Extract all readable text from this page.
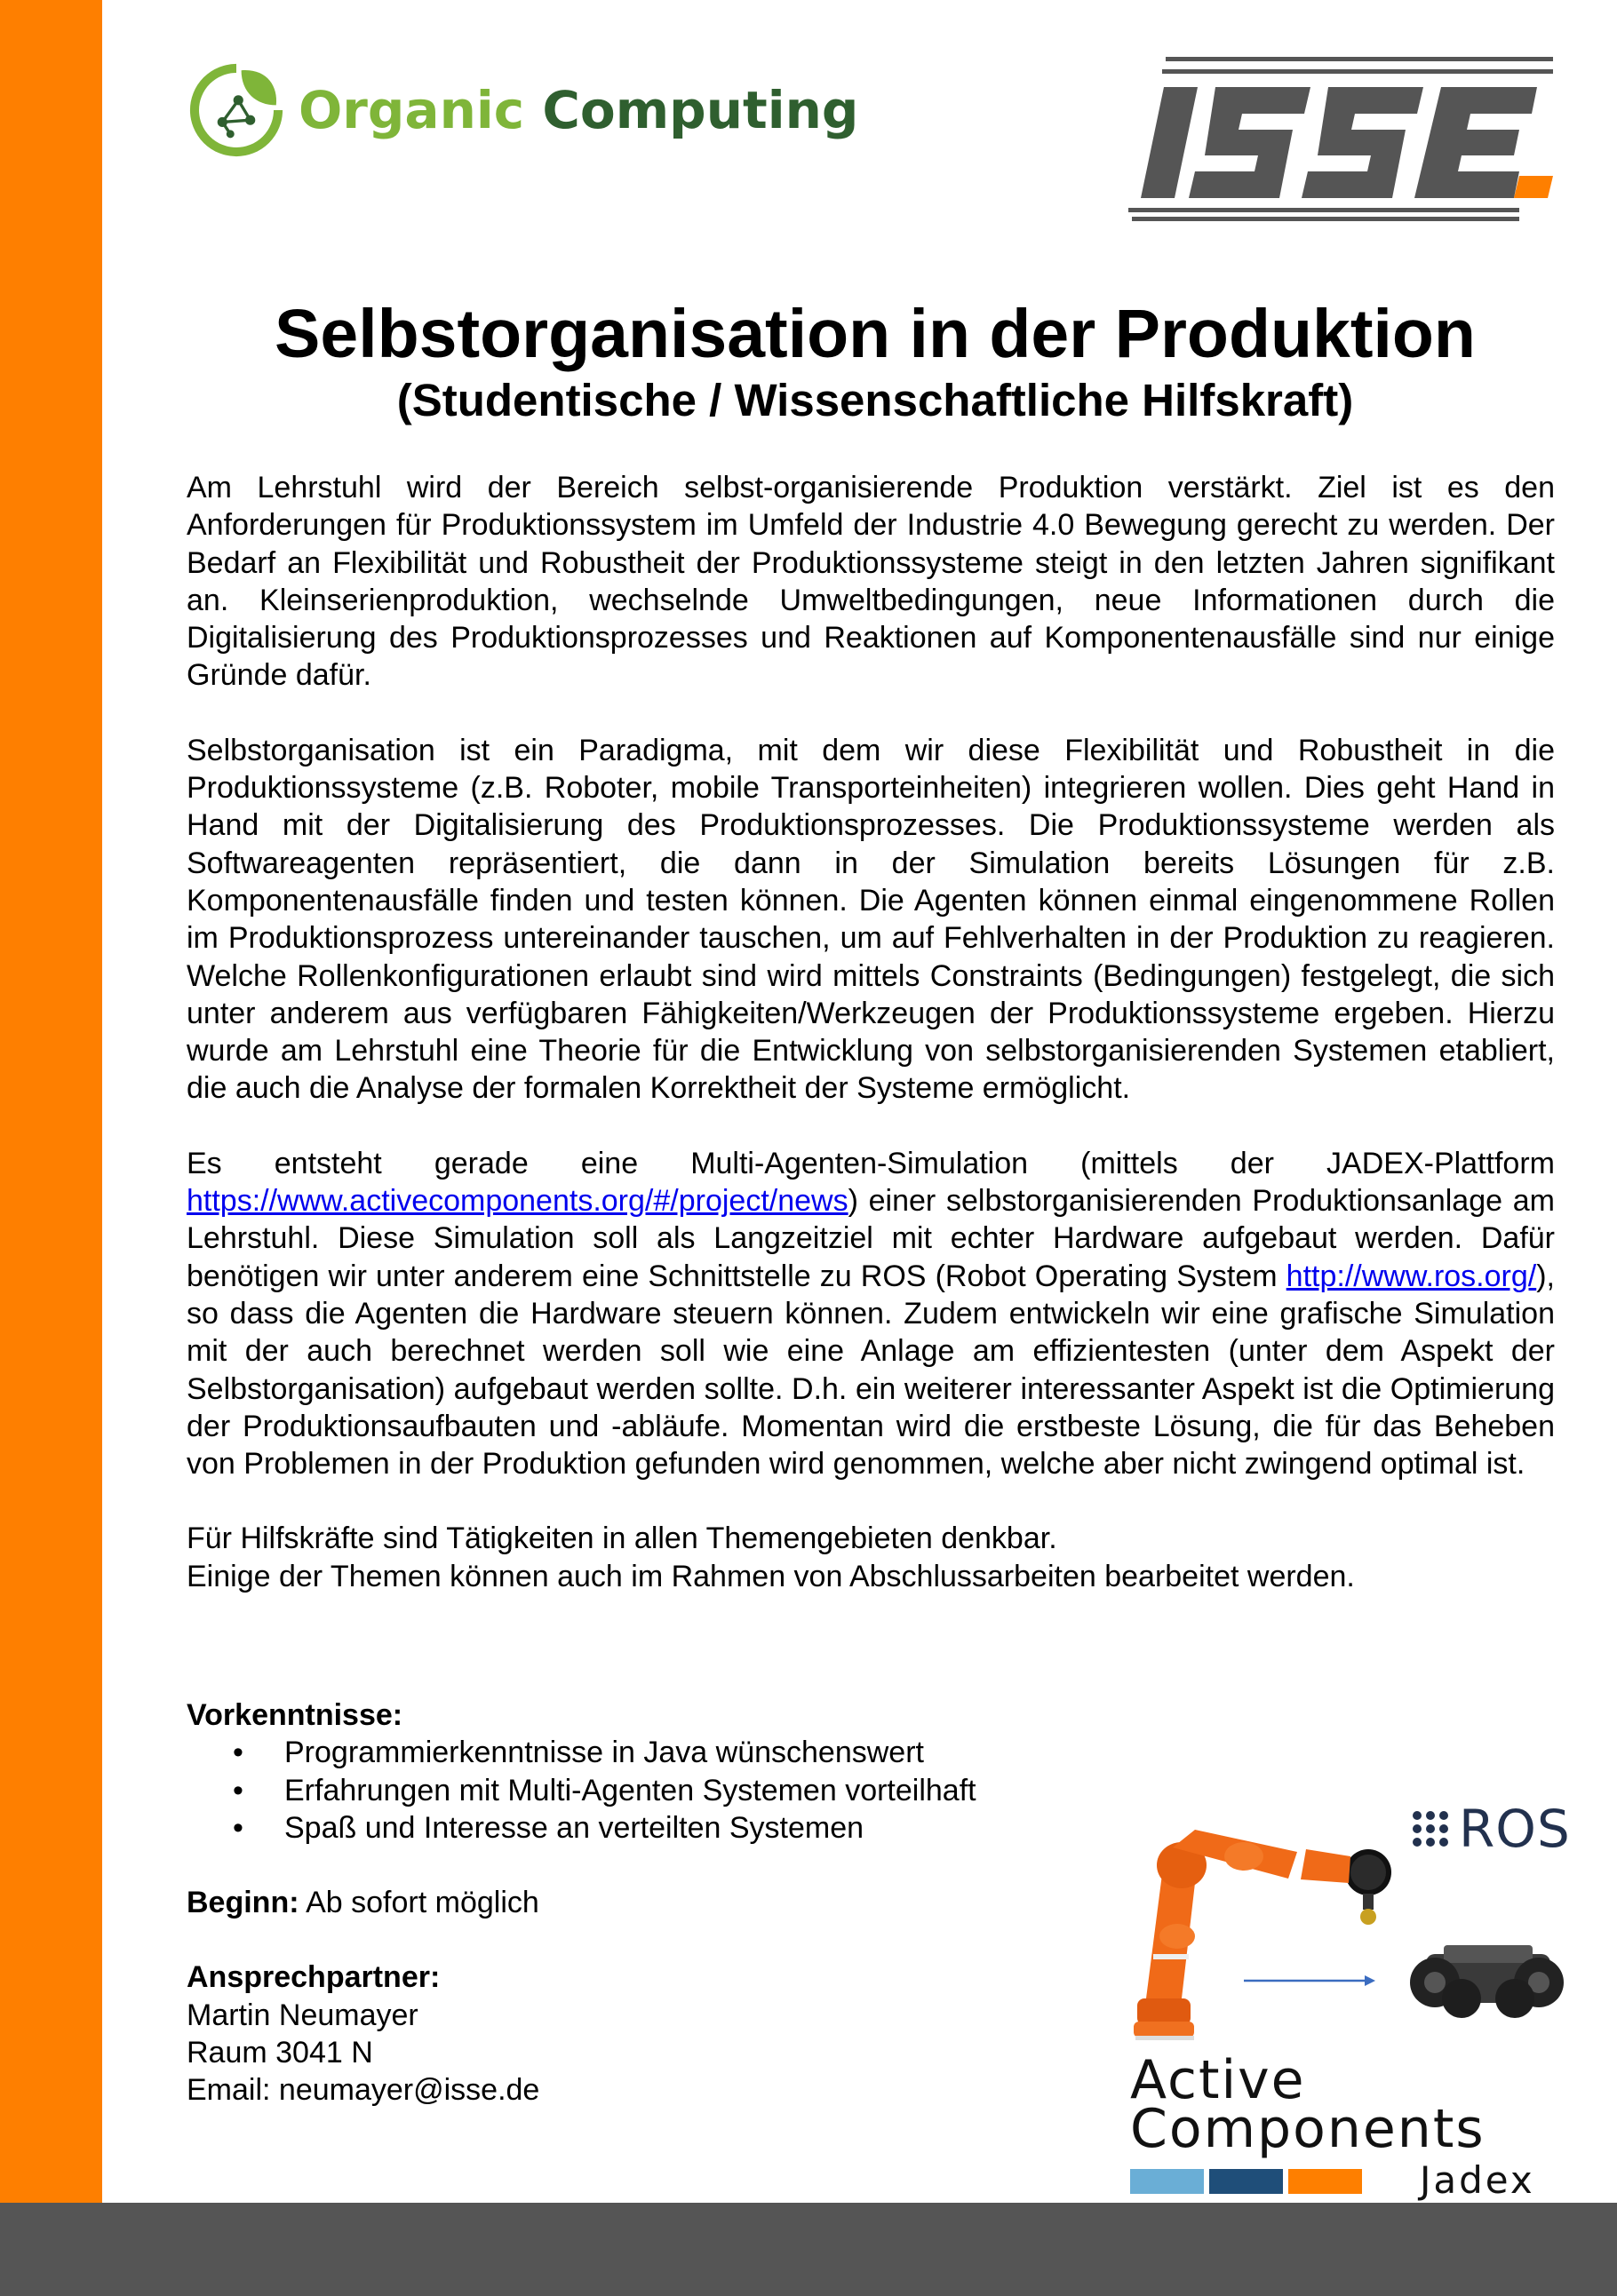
Organic Computing
Selbstorganisation in der Produktion
(Studentische / Wissenschaftliche Hilfskraft)

Am Lehrstuhl wird der Bereich selbst-organisierende Produktion verstärkt. Ziel ist es den Anforderungen für Produktionssystem im Umfeld der Industrie 4.0 Bewegung gerecht zu werden. Der Bedarf an Flexibilität und Robustheit der Produktionssysteme steigt in den letzten Jahren signifikant an. Kleinserienproduktion, wechselnde Umweltbedingungen, neue Informationen durch die Digitalisierung des Produktionsprozesses und Reaktionen auf Komponentenausfälle sind nur einige Gründe dafür.

Selbstorganisation ist ein Paradigma, mit dem wir diese Flexibilität und Robustheit in die Produktionssysteme (z.B. Roboter, mobile Transporteinheiten) integrieren wollen. Dies geht Hand in Hand mit der Digitalisierung des Produktionsprozesses. Die Produktionssysteme werden als Softwareagenten repräsentiert, die dann in der Simulation bereits Lösungen für z.B. Komponentenausfälle finden und testen können. Die Agenten können einmal eingenommene Rollen im Produktionsprozess untereinander tauschen, um auf Fehlverhalten in der Produktion zu reagieren. Welche Rollenkonfigurationen erlaubt sind wird mittels Constraints (Bedingungen) festgelegt, die sich unter anderem aus verfügbaren Fähigkeiten/Werkzeugen der Produktionssysteme ergeben. Hierzu wurde am Lehrstuhl eine Theorie für die Entwicklung von selbstorganisierenden Systemen etabliert, die auch die Analyse der formalen Korrektheit der Systeme ermöglicht.

Es entsteht gerade eine Multi-Agenten-Simulation (mittels der JADEX-Plattform https://www.activecomponents.org/#/project/news) einer selbstorganisierenden Produktionsanlage am Lehrstuhl. Diese Simulation soll als Langzeitziel mit echter Hardware aufgebaut werden. Dafür benötigen wir unter anderem eine Schnittstelle zu ROS (Robot Operating System http://www.ros.org/), so dass die Agenten die Hardware steuern können. Zudem entwickeln wir eine grafische Simulation mit der auch berechnet werden soll wie eine Anlage am effizientesten (unter dem Aspekt der Selbstorganisation) aufgebaut werden sollte. D.h. ein weiterer interessanter Aspekt ist die Optimierung der Produktionsaufbauten und -abläufe. Momentan wird die erstbeste Lösung, die für das Beheben von Problemen in der Produktion gefunden wird genommen, welche aber nicht zwingend optimal ist.

Für Hilfskräfte sind Tätigkeiten in allen Themengebieten denkbar.
Einige der Themen können auch im Rahmen von Abschlussarbeiten bearbeitet werden.

Vorkenntnisse:
• Programmierkenntnisse in Java wünschenswert
• Erfahrungen mit Multi-Agenten Systemen vorteilhaft
• Spaß und Interesse an verteilten Systemen
Beginn: Ab sofort möglich
Ansprechpartner:
Martin Neumayer
Raum 3041 N
Email: neumayer@isse.de
ROS
Active
Components
Jadex
